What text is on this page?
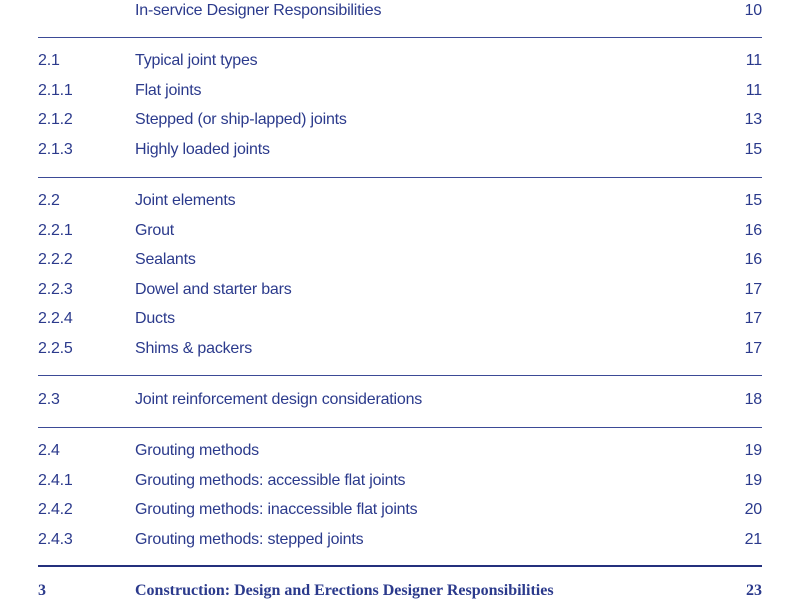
In-service Designer Responsibilities	10
2.1	Typical joint types	11
2.1.1	Flat joints	11
2.1.2	Stepped (or ship-lapped) joints	13
2.1.3	Highly loaded joints	15
2.2	Joint elements	15
2.2.1	Grout	16
2.2.2	Sealants	16
2.2.3	Dowel and starter bars	17
2.2.4	Ducts	17
2.2.5	Shims & packers	17
2.3	Joint reinforcement design considerations	18
2.4	Grouting methods	19
2.4.1	Grouting methods: accessible flat joints	19
2.4.2	Grouting methods: inaccessible flat joints	20
2.4.3	Grouting methods: stepped joints	21
3	Construction: Design and Erections Designer Responsibilities	23
